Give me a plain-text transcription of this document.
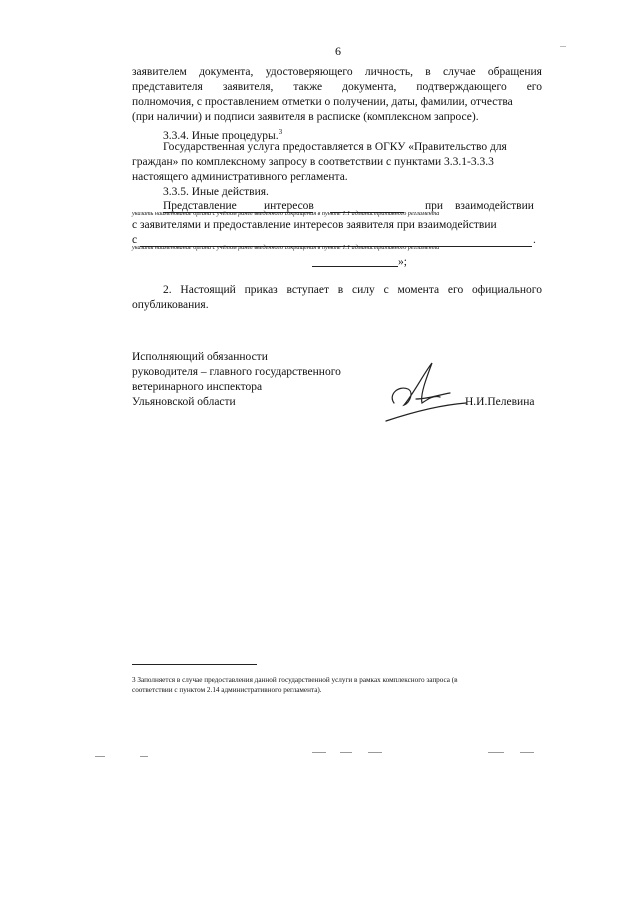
6
заявителем документа, удостоверяющего личность, в случае обращения
представителя заявителя, также документа, подтверждающего его
полномочия, с проставлением отметки о получении, даты, фамилии, отчества
(при наличии) и подписи заявителя в расписке (комплексном запросе).
3.3.4. Иные процедуры.$^3$
Государственная услуга предоставляется в ОГКУ «Правительство для
граждан» по комплексному запросу в соответствии с пунктами 3.3.1-3.3.3
настоящего административного регламента.
3.3.5. Иные действия.
Представление интересов	при взаимодействии
указать наименование органа с учётом ранее введенного сокращения в пункте 1.1 административного регламента
с заявителями и предоставление интересов заявителя при взаимодействии
с	.
указать наименование органа с учётом ранее введенного сокращения в пункте 1.1 административного регламента
»;
2. Настоящий приказ вступает в силу с момента его официального
опубликования.
Исполняющий обязанности
руководителя – главного государственного
ветеринарного инспектора
Ульяновской области	Н.И.Пелевина
3 Заполняется в случае предоставления данной государственной услуги в рамках комплексного запроса (в
соответствии с пунктом 2.14 административного регламента).
